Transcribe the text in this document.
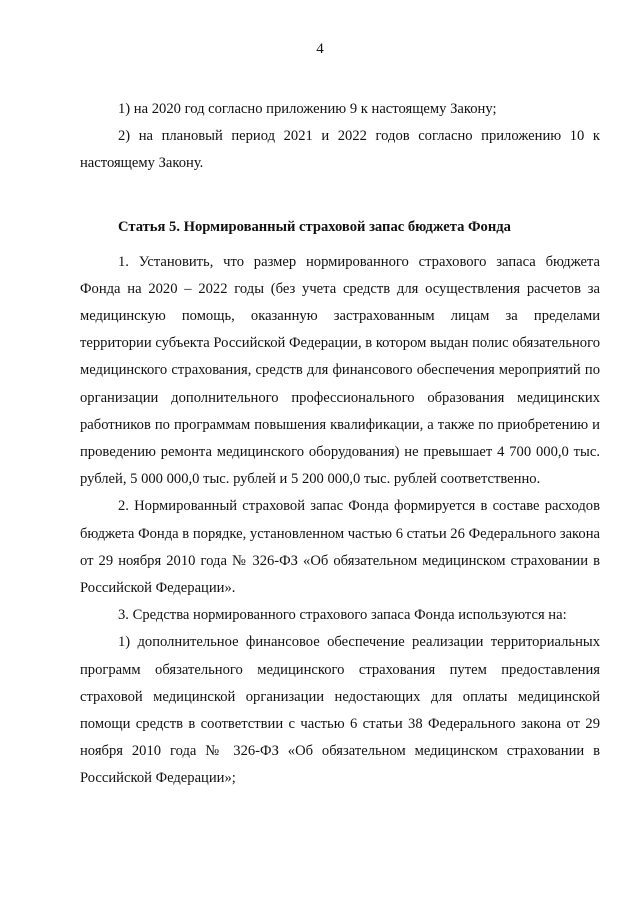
4

1) на 2020 год согласно приложению 9 к настоящему Закону;

2) на плановый период 2021 и 2022 годов согласно приложению 10 к настоящему Закону.

Статья 5. Нормированный страховой запас бюджета Фонда

1. Установить, что размер нормированного страхового запаса бюджета Фонда на 2020 – 2022 годы (без учета средств для осуществления расчетов за медицинскую помощь, оказанную застрахованным лицам за пределами территории субъекта Российской Федерации, в котором выдан полис обязательного медицинского страхования, средств для финансового обеспечения мероприятий по организации дополнительного профессионального образования медицинских работников по программам повышения квалификации, а также по приобретению и проведению ремонта медицинского оборудования) не превышает 4 700 000,0 тыс. рублей, 5 000 000,0 тыс. рублей и 5 200 000,0 тыс. рублей соответственно.

2. Нормированный страховой запас Фонда формируется в составе расходов бюджета Фонда в порядке, установленном частью 6 статьи 26 Федерального закона от 29 ноября 2010 года № 326-ФЗ «Об обязательном медицинском страховании в Российской Федерации».

3. Средства нормированного страхового запаса Фонда используются на:

1) дополнительное финансовое обеспечение реализации территориальных программ обязательного медицинского страхования путем предоставления страховой медицинской организации недостающих для оплаты медицинской помощи средств в соответствии с частью 6 статьи 38 Федерального закона от 29 ноября 2010 года № 326-ФЗ «Об обязательном медицинском страховании в Российской Федерации»;
